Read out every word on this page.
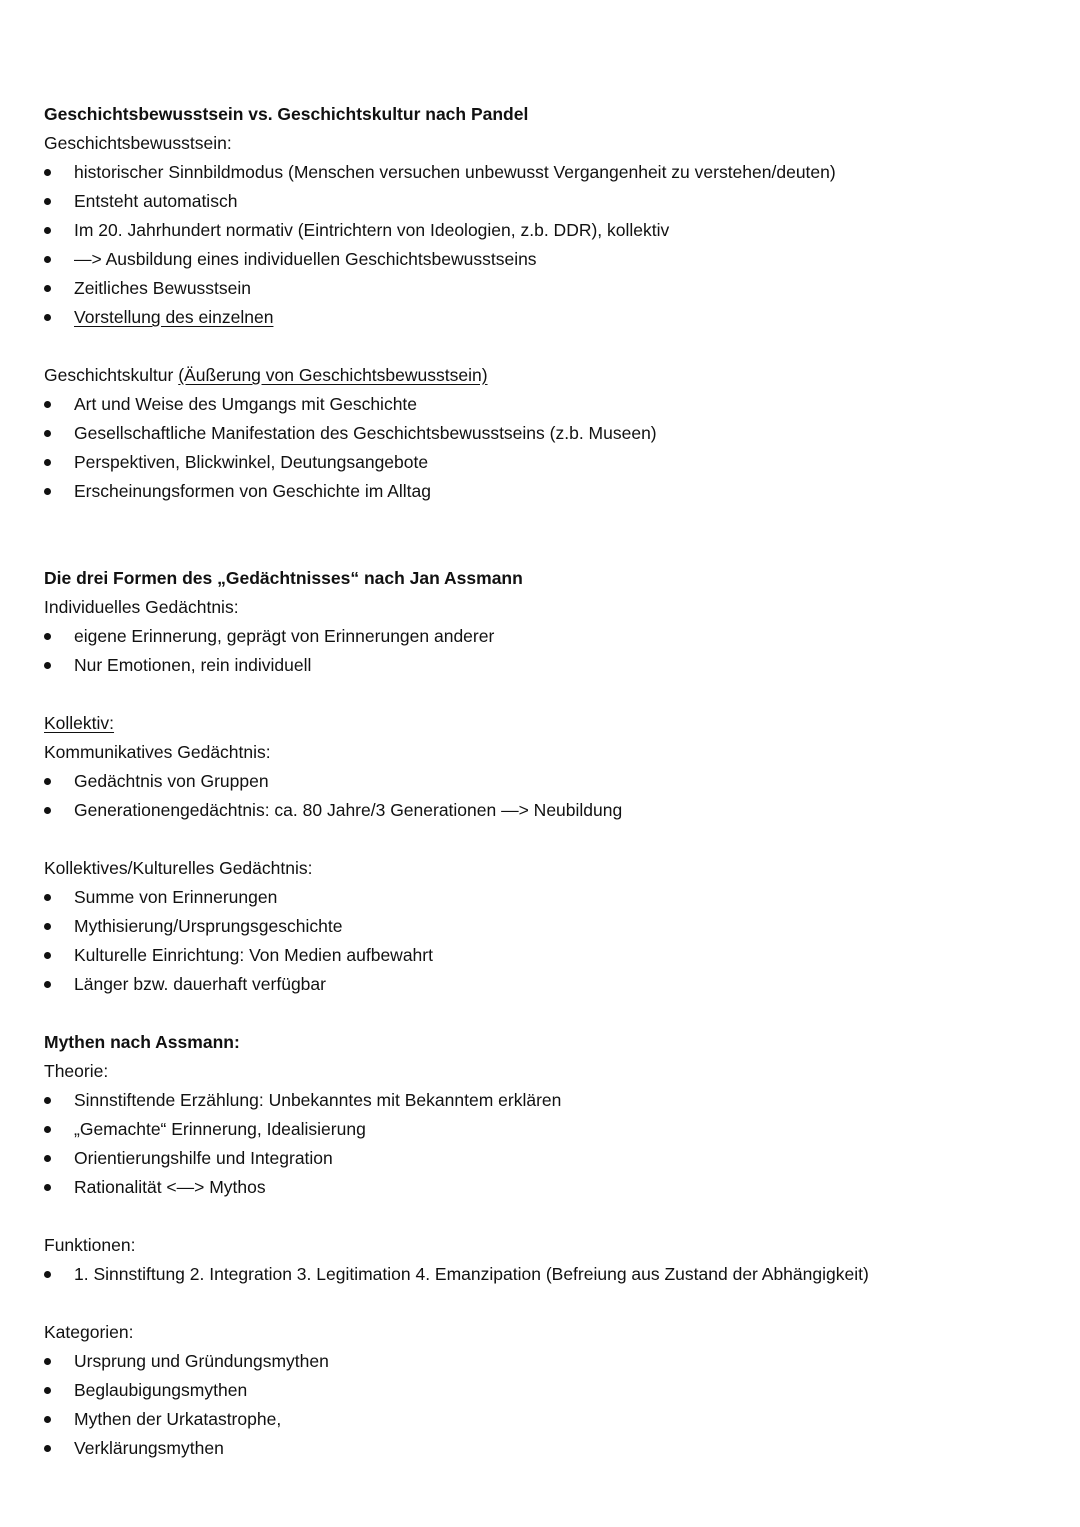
Geschichtsbewusstsein vs. Geschichtskultur nach Pandel
Geschichtsbewusstsein:
historischer Sinnbildmodus (Menschen versuchen unbewusst Vergangenheit zu verstehen/deuten)
Entsteht automatisch
Im 20. Jahrhundert normativ (Eintrichtern von Ideologien, z.b. DDR), kollektiv
—> Ausbildung eines individuellen Geschichtsbewusstseins
Zeitliches Bewusstsein
Vorstellung des einzelnen
Geschichtskultur (Äußerung von Geschichtsbewusstsein)
Art und Weise des Umgangs mit Geschichte
Gesellschaftliche Manifestation des Geschichtsbewusstseins (z.b. Museen)
Perspektiven, Blickwinkel, Deutungsangebote
Erscheinungsformen von Geschichte im Alltag
Die drei Formen des „Gedächtnisses“ nach Jan Assmann
Individuelles Gedächtnis:
eigene Erinnerung, geprägt von Erinnerungen anderer
Nur Emotionen, rein individuell
Kollektiv:
Kommunikatives Gedächtnis:
Gedächtnis von Gruppen
Generationengedächtnis: ca. 80 Jahre/3 Generationen —> Neubildung
Kollektives/Kulturelles Gedächtnis:
Summe von Erinnerungen
Mythisierung/Ursprungsgeschichte
Kulturelle Einrichtung: Von Medien aufbewahrt
Länger bzw. dauerhaft verfügbar
Mythen nach Assmann:
Theorie:
Sinnstiftende Erzählung: Unbekanntes mit Bekanntem erklären
„Gemachte“ Erinnerung, Idealisierung
Orientierungshilfe und Integration
Rationalität <—> Mythos
Funktionen:
1. Sinnstiftung 2. Integration 3. Legitimation 4. Emanzipation (Befreiung aus Zustand der Abhängigkeit)
Kategorien:
Ursprung und Gründungsmythen
Beglaubigungsmythen
Mythen der Urkatastrophe,
Verklärungsmythen
